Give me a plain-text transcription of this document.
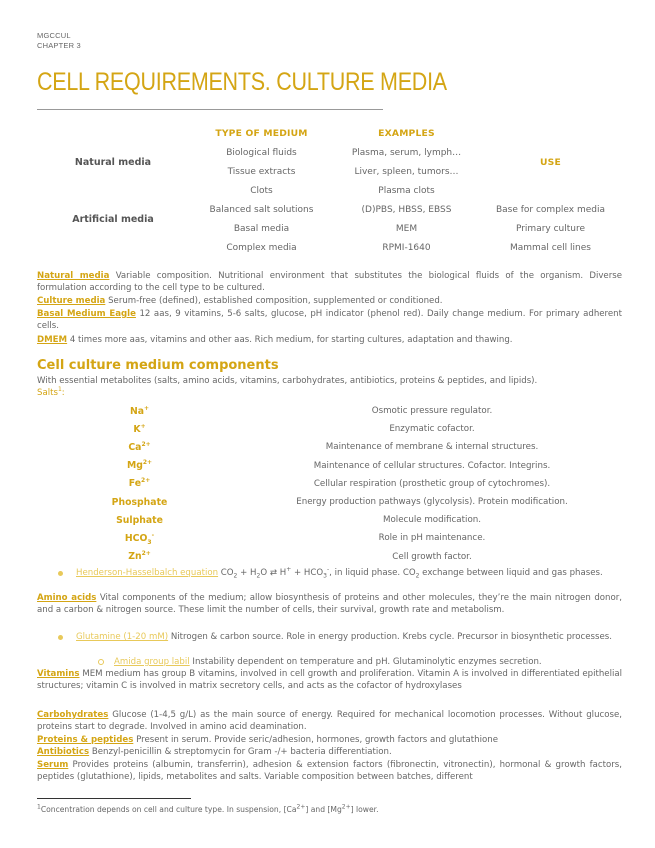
MGCCUL
CHAPTER 3
CELL REQUIREMENTS. CULTURE MEDIA
	TYPE OF MEDIUM	EXAMPLES	
Natural media	Biological fluids	Plasma, serum, lymph…	USE
	Tissue extracts	Liver, spleen, tumors…	
	Clots	Plasma clots	
Artificial media	Balanced salt solutions	(D)PBS, HBSS, EBSS	Base for complex media
	Basal media	MEM	Primary culture
	Complex media	RPMI-1640	Mammal cell lines
Natural media Variable composition. Nutritional environment that substitutes the biological fluids of the organism. Diverse formulation according to the cell type to be cultured.
Culture media Serum-free (defined), established composition, supplemented or conditioned.
Basal Medium Eagle 12 aas, 9 vitamins, 5-6 salts, glucose, pH indicator (phenol red). Daily change medium. For primary adherent cells.
DMEM 4 times more aas, vitamins and other aas. Rich medium, for starting cultures, adaptation and thawing.
Cell culture medium components
With essential metabolites (salts, amino acids, vitamins, carbohydrates, antibiotics, proteins & peptides, and lipids).
Salts$^1$:
Na+	Osmotic pressure regulator.
K+	Enzymatic cofactor.
$Ca^{2+}$	Maintenance of membrane & internal structures.
$Mg^{2+}$	Maintenance of cellular structures. Cofactor. Integrins.
$Fe^{2+}$	Cellular respiration (prosthetic group of cytochromes).
Phosphate	Energy production pathways (glycolysis). Protein modification.
Sulphate	Molecule modification.
$HCO_3^-$	Role in pH maintenance.
$Zn^{2+}$	Cell growth factor.
Henderson-Hasselbalch equation $CO_2 + H_2O$ ⇄ $H^+ + HCO_3^-$, in liquid phase. $CO_2$ exchange between liquid and gas phases.
Amino acids Vital components of the medium; allow biosynthesis of proteins and other molecules, they’re the main nitrogen donor, and a carbon & nitrogen source. These limit the number of cells, their survival, growth rate and metabolism.
Glutamine (1-20 mM) Nitrogen & carbon source. Role in energy production. Krebs cycle. Precursor in biosynthetic processes.
Amida group labil Instability dependent on temperature and pH. Glutaminolytic enzymes secretion.
Vitamins MEM medium has group B vitamins, involved in cell growth and proliferation. Vitamin A is involved in differentiated epithelial structures; vitamin C is involved in matrix secretory cells, and acts as the cofactor of hydroxylases
Carbohydrates Glucose (1-4,5 g/L) as the main source of energy. Required for mechanical locomotion processes. Without glucose, proteins start to degrade. Involved in amino acid deamination.
Proteins & peptides Present in serum. Provide seric/adhesion, hormones, growth factors and glutathione
Antibiotics Benzyl-penicillin & streptomycin for Gram -/+ bacteria differentiation.
Serum Provides proteins (albumin, transferrin), adhesion & extension factors (fibronectin, vitronectin), hormonal & growth factors, peptides (glutathione), lipids, metabolites and salts. Variable composition between batches, different
$^1$Concentration depends on cell and culture type. In suspension, $[Ca^{2+}]$ and $[Mg^{2+}]$ lower.
